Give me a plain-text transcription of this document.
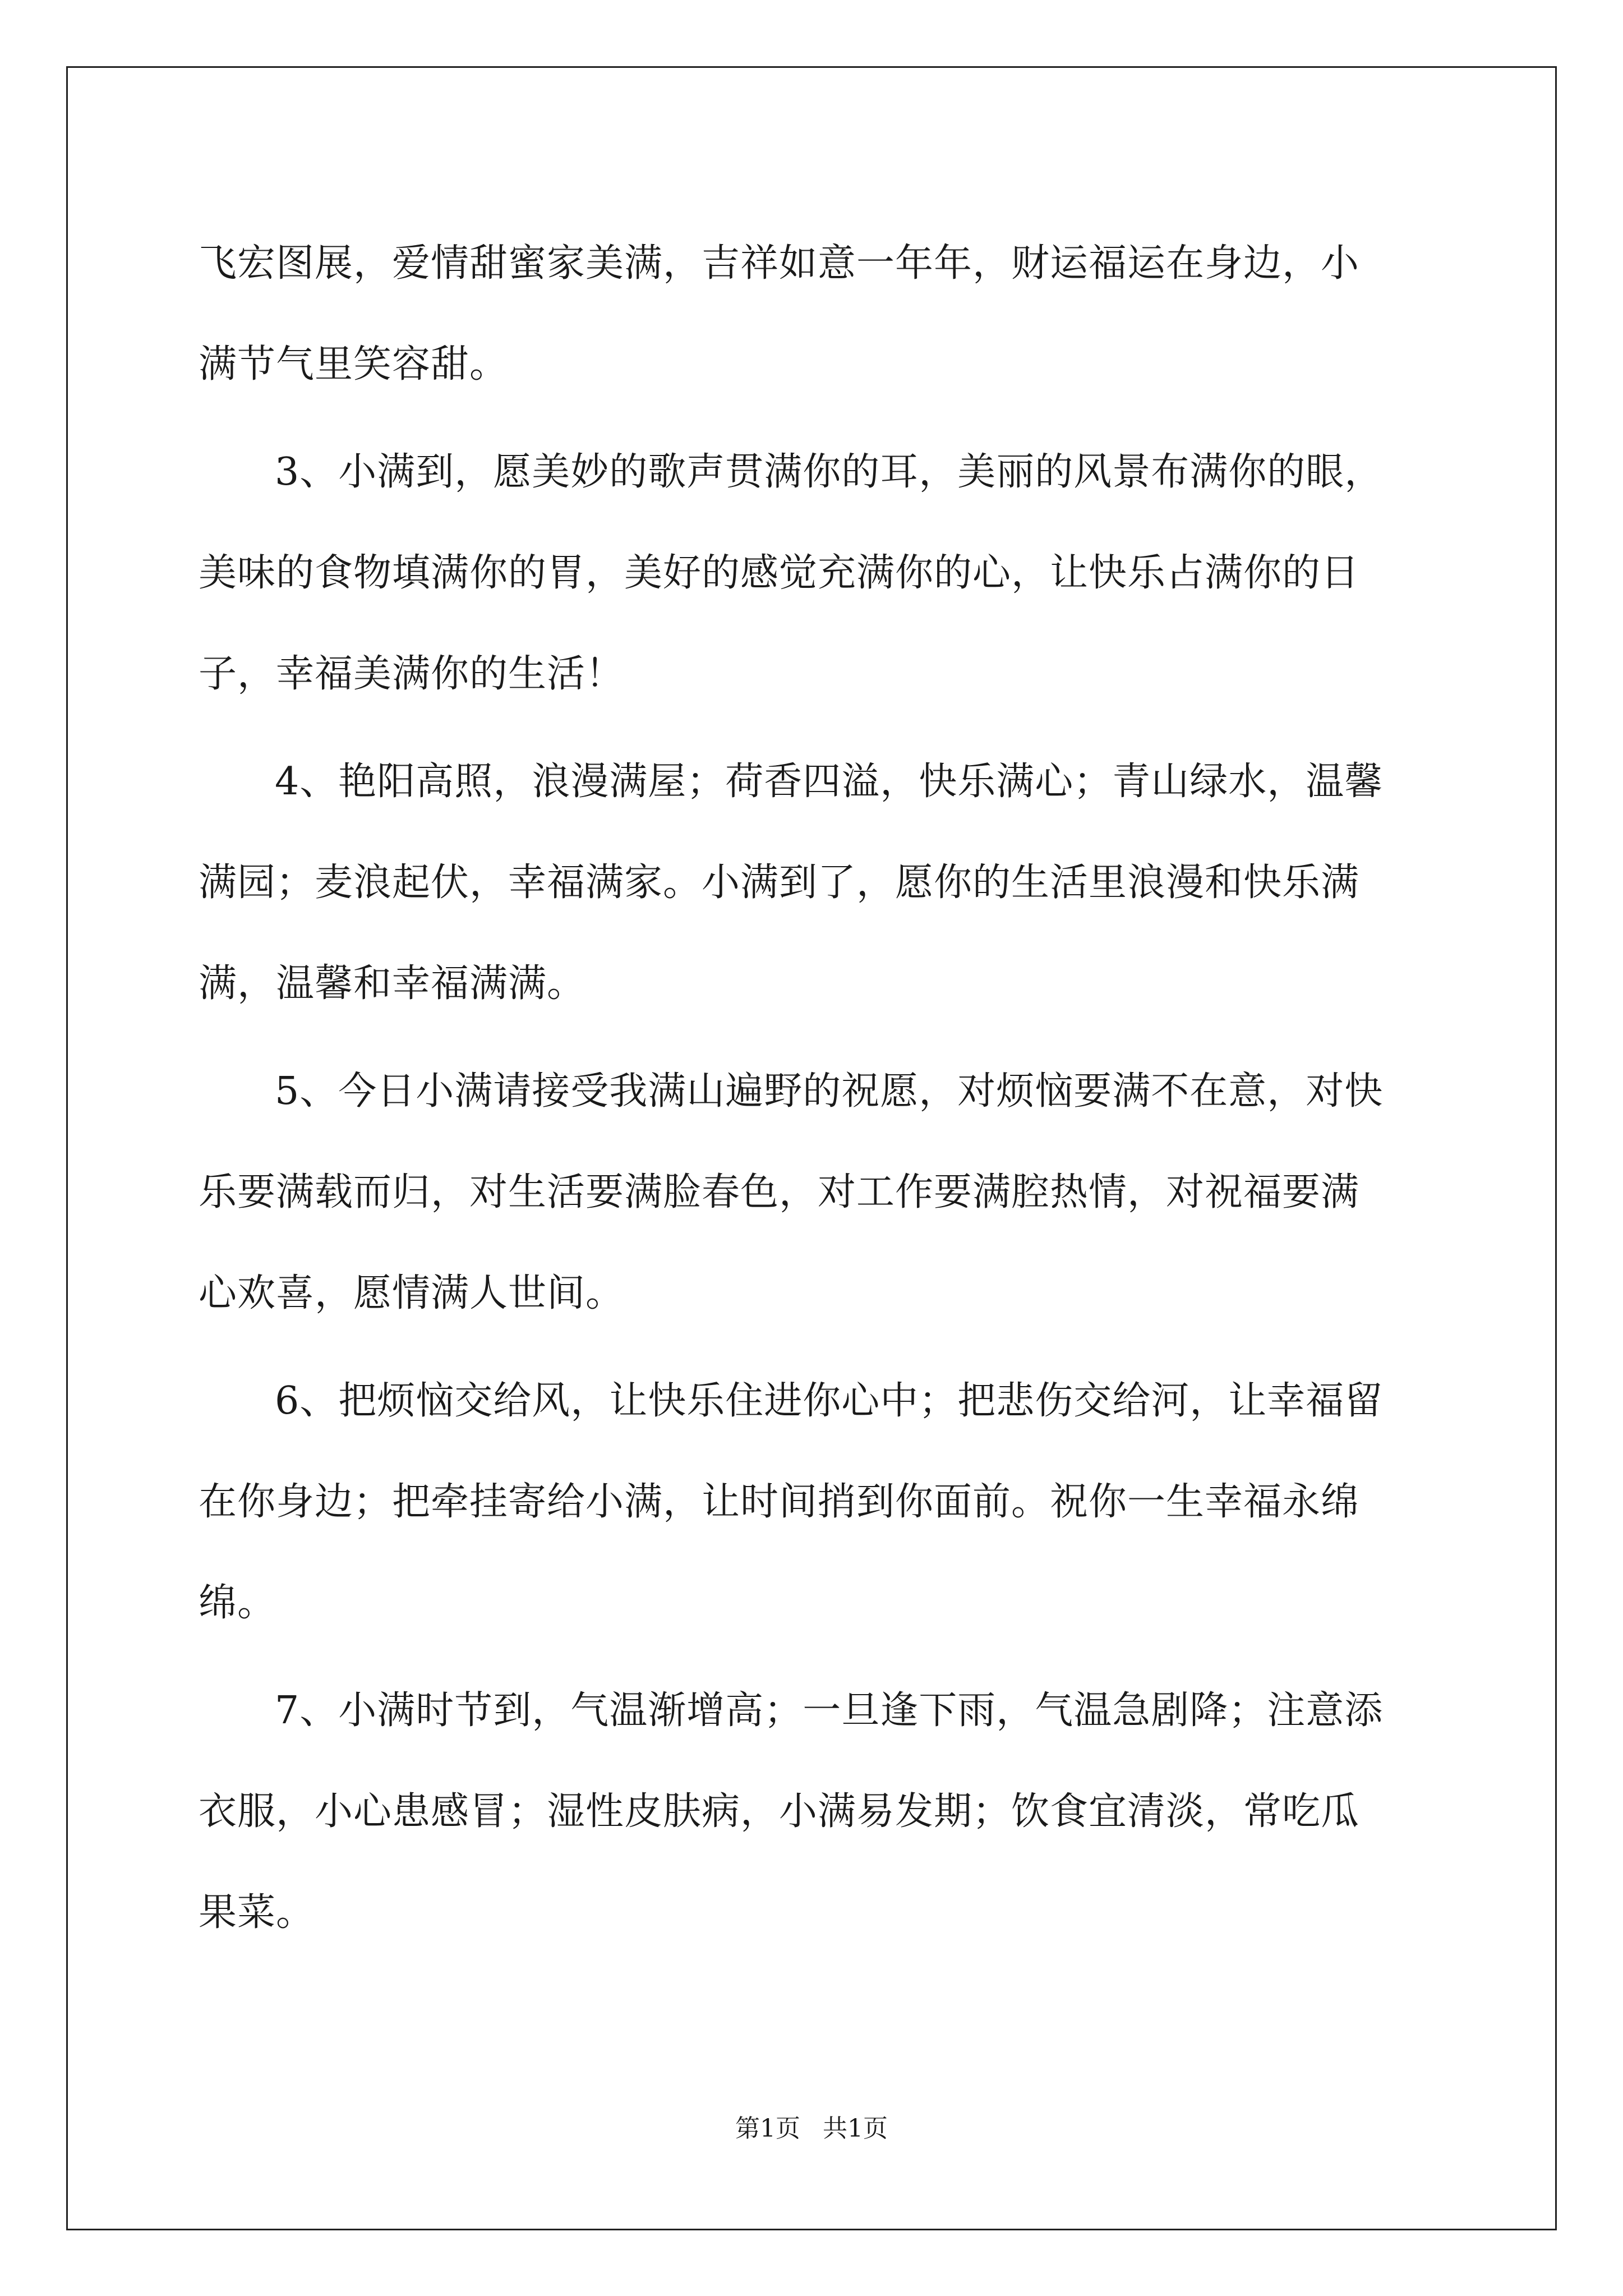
飞宏图展，爱情甜蜜家美满，吉祥如意一年年，财运福运在身边，小
满节气里笑容甜。
3、小满到，愿美妙的歌声贯满你的耳，美丽的风景布满你的眼，
美味的食物填满你的胃，美好的感觉充满你的心，让快乐占满你的日
子，幸福美满你的生活！
4、艳阳高照，浪漫满屋；荷香四溢，快乐满心；青山绿水，温馨
满园；麦浪起伏，幸福满家。小满到了，愿你的生活里浪漫和快乐满
满，温馨和幸福满满。
5、今日小满请接受我满山遍野的祝愿，对烦恼要满不在意，对快
乐要满载而归，对生活要满脸春色，对工作要满腔热情，对祝福要满
心欢喜，愿情满人世间。
6、把烦恼交给风，让快乐住进你心中；把悲伤交给河，让幸福留
在你身边；把牵挂寄给小满，让时间捎到你面前。祝你一生幸福永绵
绵。
7、小满时节到，气温渐增高；一旦逢下雨，气温急剧降；注意添
衣服，小心患感冒；湿性皮肤病，小满易发期；饮食宜清淡，常吃瓜
果菜。
第1页 共1页
